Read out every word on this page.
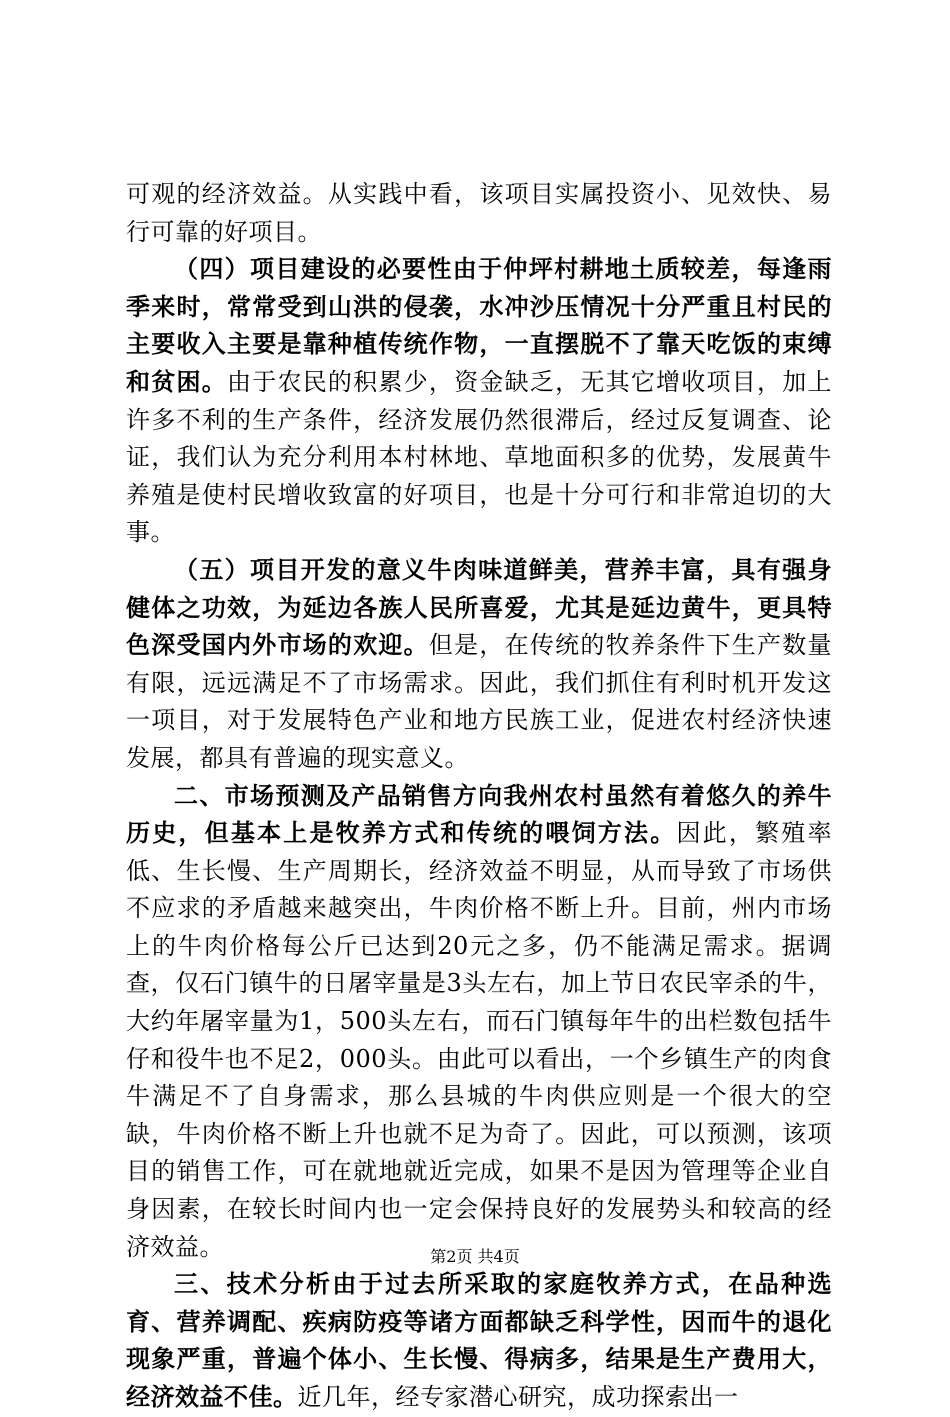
可观的经济效益。从实践中看，该项目实属投资小、见效快、易行可靠的好项目。

（四）项目建设的必要性由于仲坪村耕地土质较差，每逢雨季来时，常常受到山洪的侵袭，水冲沙压情况十分严重且村民的主要收入主要是靠种植传统作物，一直摆脱不了靠天吃饭的束缚和贫困。由于农民的积累少，资金缺乏，无其它增收项目，加上许多不利的生产条件，经济发展仍然很滞后，经过反复调查、论证，我们认为充分利用本村林地、草地面积多的优势，发展黄牛养殖是使村民增收致富的好项目，也是十分可行和非常迫切的大事。

（五）项目开发的意义牛肉味道鲜美，营养丰富，具有强身健体之功效，为延边各族人民所喜爱，尤其是延边黄牛，更具特色深受国内外市场的欢迎。但是，在传统的牧养条件下生产数量有限，远远满足不了市场需求。因此，我们抓住有利时机开发这一项目，对于发展特色产业和地方民族工业，促进农村经济快速发展，都具有普遍的现实意义。

二、市场预测及产品销售方向我州农村虽然有着悠久的养牛历史，但基本上是牧养方式和传统的喂饲方法。因此，繁殖率低、生长慢、生产周期长，经济效益不明显，从而导致了市场供不应求的矛盾越来越突出，牛肉价格不断上升。目前，州内市场上的牛肉价格每公斤已达到20元之多，仍不能满足需求。据调查，仅石门镇牛的日屠宰量是3头左右，加上节日农民宰杀的牛，大约年屠宰量为1，500头左右，而石门镇每年牛的出栏数包括牛仔和役牛也不足2，000头。由此可以看出，一个乡镇生产的肉食牛满足不了自身需求，那么县城的牛肉供应则是一个很大的空缺，牛肉价格不断上升也就不足为奇了。因此，可以预测，该项目的销售工作，可在就地就近完成，如果不是因为管理等企业自身因素，在较长时间内也一定会保持良好的发展势头和较高的经济效益。

三、技术分析由于过去所采取的家庭牧养方式，在品种选育、营养调配、疾病防疫等诸方面都缺乏科学性，因而牛的退化现象严重，普遍个体小、生长慢、得病多，结果是生产费用大，经济效益不佳。近几年，经专家潜心研究，成功探索出一

第2页 共4页
